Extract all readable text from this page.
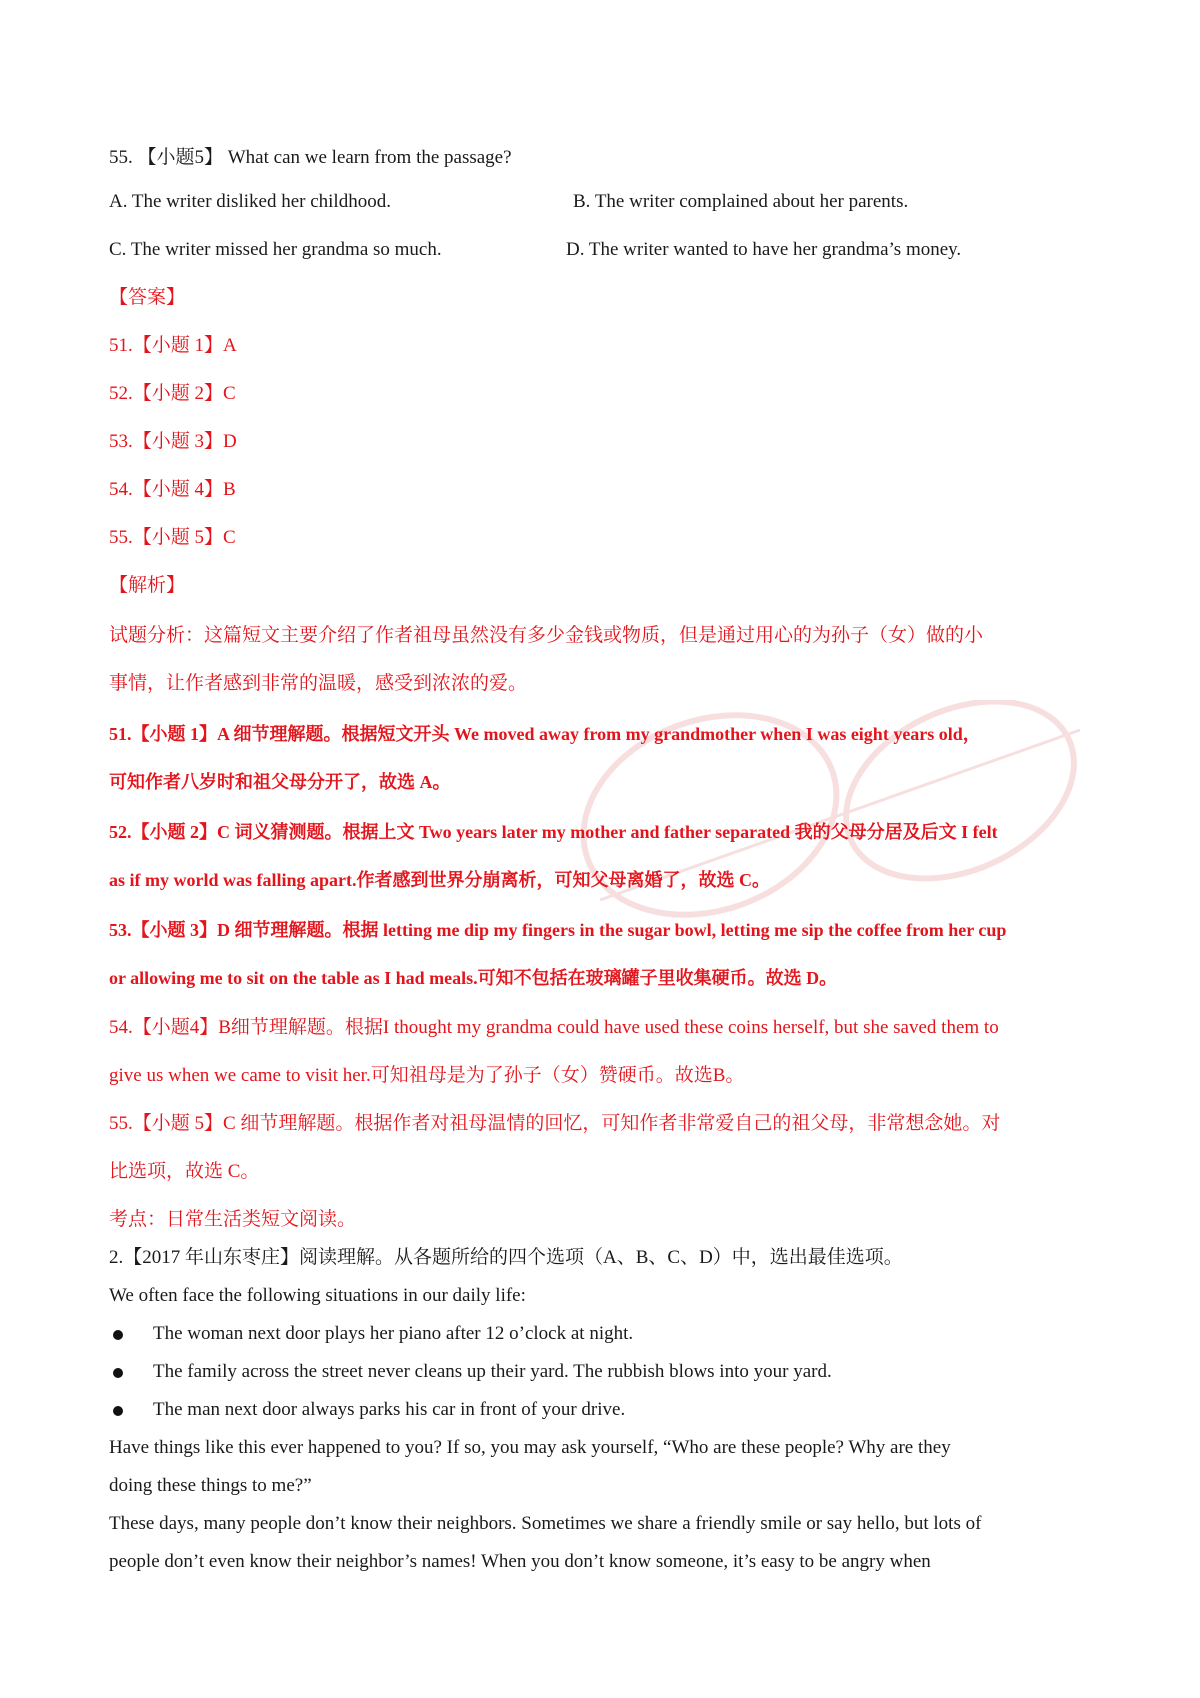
55. 【小题5】 What can we learn from the passage?
A. The writer disliked her childhood.	B. The writer complained about her parents.
C. The writer missed her grandma so much.	D. The writer wanted to have her grandma’s money.
【答案】
51.【小题 1】A
52.【小题 2】C
53.【小题 3】D
54.【小题 4】B
55.【小题 5】C
【解析】
试题分析：这篇短文主要介绍了作者祖母虽然没有多少金钱或物质，但是通过用心的为孙子（女）做的小
事情，让作者感到非常的温暖，感受到浓浓的爱。
51.【小题 1】A 细节理解题。根据短文开头 We moved away from my grandmother when I was eight years old，
可知作者八岁时和祖父母分开了，故选 A。
52.【小题 2】C 词义猜测题。根据上文 Two years later my mother and father separated 我的父母分居及后文 I felt
as if my world was falling apart.作者感到世界分崩离析，可知父母离婚了，故选 C。
53.【小题 3】D 细节理解题。根据 letting me dip my fingers in the sugar bowl, letting me sip the coffee from her cup
or allowing me to sit on the table as I had meals.可知不包括在玻璃罐子里收集硬币。故选 D。
54.【小题4】B细节理解题。根据I thought my grandma could have used these coins herself, but she saved them to
give us when we came to visit her.可知祖母是为了孙子（女）赞硬币。故选B。
55.【小题 5】C 细节理解题。根据作者对祖母温情的回忆，可知作者非常爱自己的祖父母，非常想念她。对
比选项，故选 C。
考点：日常生活类短文阅读。
2.【2017 年山东枣庄】阅读理解。从各题所给的四个选项（A、B、C、D）中，选出最佳选项。
We often face the following situations in our daily life:
The woman next door plays her piano after 12 o’clock at night.
The family across the street never cleans up their yard. The rubbish blows into your yard.
The man next door always parks his car in front of your drive.
Have things like this ever happened to you? If so, you may ask yourself, “Who are these people? Why are they
doing these things to me?”
These days, many people don’t know their neighbors. Sometimes we share a friendly smile or say hello, but lots of
people don’t even know their neighbor’s names! When you don’t know someone, it’s easy to be angry when
